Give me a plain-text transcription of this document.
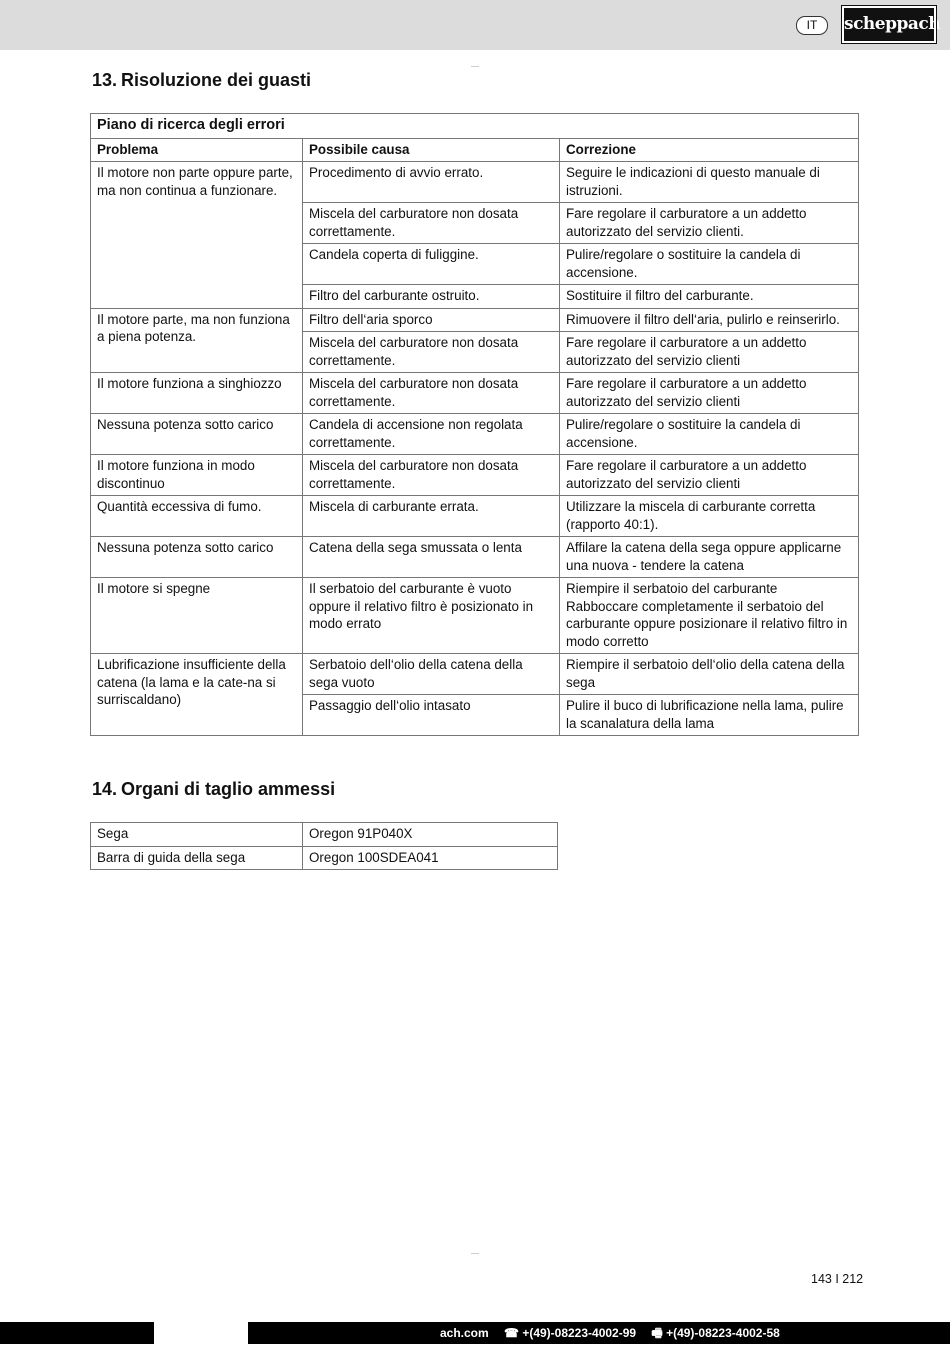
IT	scheppach
13. Risoluzione dei guasti
Piano di ricerca degli errori		
Problema	Possibile causa	Correzione
Il motore non parte oppure parte, ma non continua a funzionare.	Procedimento di avvio errato.	Seguire le indicazioni di questo manuale di istruzioni.
	Miscela del carburatore non dosata correttamente.	Fare regolare il carburatore a un addetto autorizzato del servizio clienti.
	Candela coperta di fuliggine.	Pulire/regolare o sostituire la candela di accensione.
	Filtro del carburante ostruito.	Sostituire il filtro del carburante.
Il motore parte, ma non funziona a piena potenza.	Filtro dell‘aria sporco	Rimuovere il filtro dell‘aria, pulirlo e reinserirlo.
	Miscela del carburatore non dosata correttamente.	Fare regolare il carburatore a un addetto autorizzato del servizio clienti
Il motore funziona a singhiozzo	Miscela del carburatore non dosata correttamente.	Fare regolare il carburatore a un addetto autorizzato del servizio clienti
Nessuna potenza sotto carico	Candela di accensione non regolata correttamente.	Pulire/regolare o sostituire la candela di accensione.
Il motore funziona in modo discontinuo	Miscela del carburatore non dosata correttamente.	Fare regolare il carburatore a un addetto autorizzato del servizio clienti
Quantità eccessiva di fumo.	Miscela di carburante errata.	Utilizzare la miscela di carburante corretta (rapporto 40:1).
Nessuna potenza sotto carico	Catena della sega smussata o lenta	Affilare la catena della sega oppure applicarne una nuova - tendere la catena
Il motore si spegne	Il serbatoio del carburante è vuoto oppure il relativo filtro è posizionato in modo errato	Riempire il serbatoio del carburante Rabboccare completamente il serbatoio del carburante oppure posizionare il relativo filtro in modo corretto
Lubrificazione insufficiente della catena (la lama e la cate-na si surriscaldano)	Serbatoio dell‘olio della catena della sega vuoto	Riempire il serbatoio dell‘olio della catena della sega
	Passaggio dell‘olio intasato	Pulire il buco di lubrificazione nella lama, pulire la scanalatura della lama
14. Organi di taglio ammessi
Sega	Oregon 91P040X
Barra di guida della sega	Oregon 100SDEA041
143 I 212
ach.com ☎ +(49)-08223-4002-99 🖷 +(49)-08223-4002-58
